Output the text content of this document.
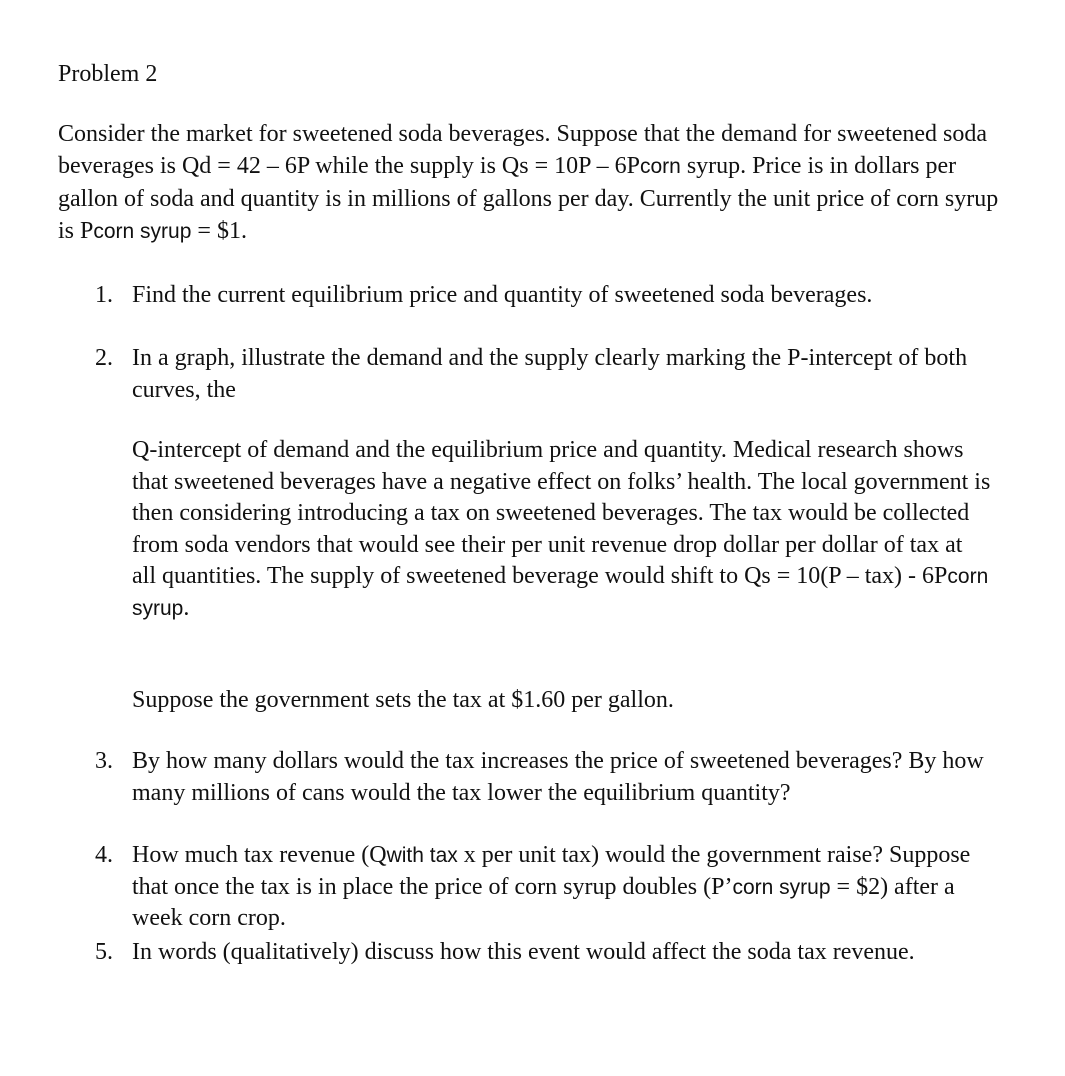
Problem 2

Consider the market for sweetened soda beverages. Suppose that the demand for sweetened soda beverages is Qd = 42 – 6P while the supply is Qs = 10P – 6Pcorn syrup. Price is in dollars per gallon of soda and quantity is in millions of gallons per day. Currently the unit price of corn syrup is Pcorn syrup = $1.

1. Find the current equilibrium price and quantity of sweetened soda beverages.
2. In a graph, illustrate the demand and the supply clearly marking the P-intercept of both curves, the

Q-intercept of demand and the equilibrium price and quantity. Medical research shows that sweetened beverages have a negative effect on folks’ health. The local government is then considering introducing a tax on sweetened beverages. The tax would be collected from soda vendors that would see their per unit revenue drop dollar per dollar of tax at all quantities. The supply of sweetened beverage would shift to Qs = 10(P – tax) - 6Pcorn syrup.

Suppose the government sets the tax at $1.60 per gallon.

3. By how many dollars would the tax increases the price of sweetened beverages? By how many millions of cans would the tax lower the equilibrium quantity?
4. How much tax revenue (Qwith tax x per unit tax) would the government raise? Suppose that once the tax is in place the price of corn syrup doubles (P’corn syrup = $2) after a week corn crop.
5. In words (qualitatively) discuss how this event would affect the soda tax revenue.
